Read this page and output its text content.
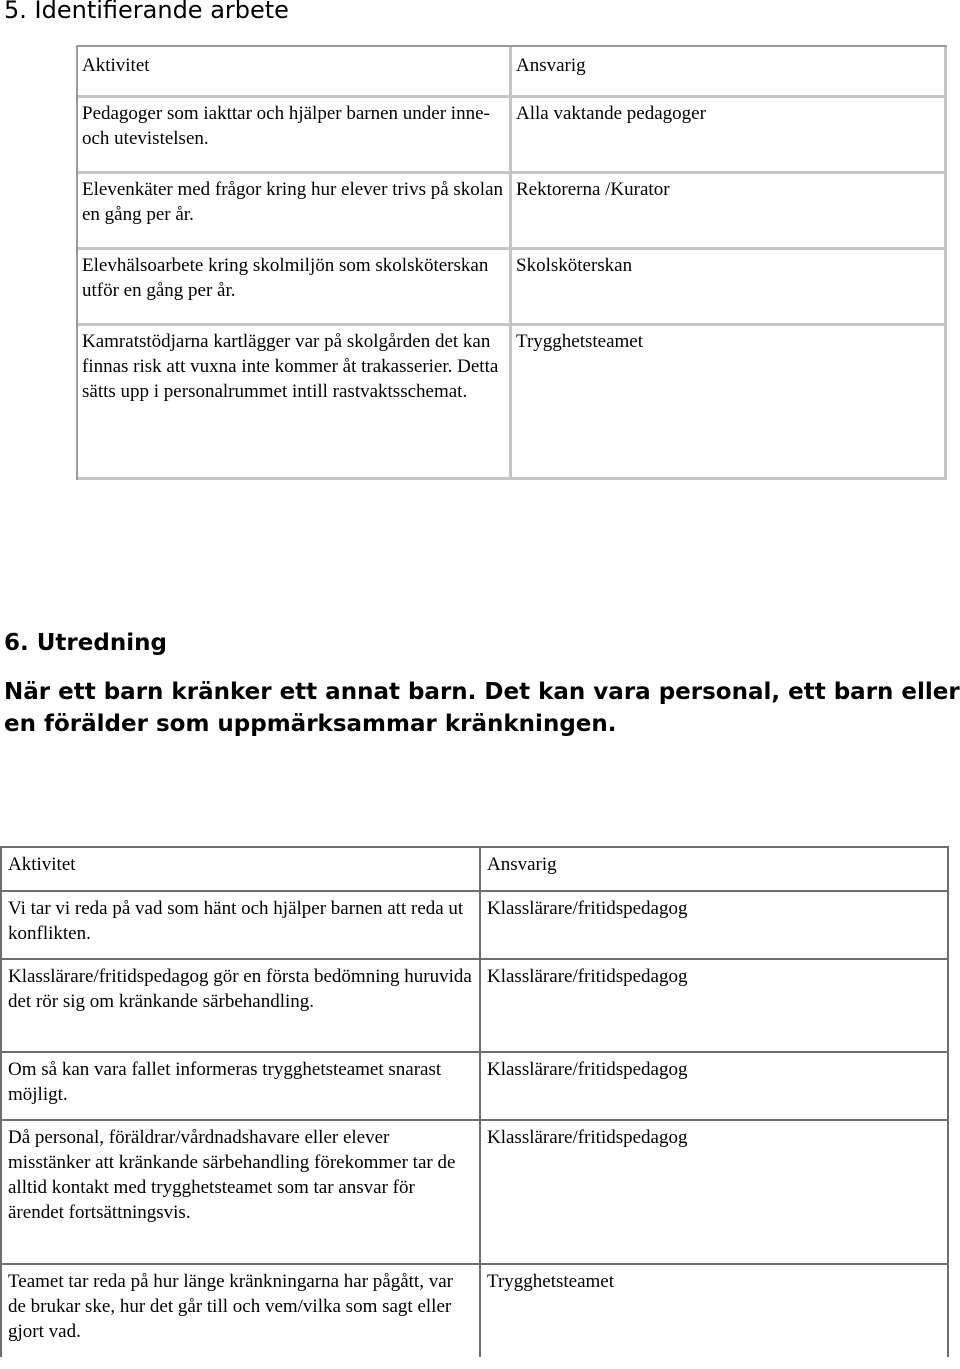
5. Identifierande arbete
Aktivitet	Ansvarig
Pedagoger som iakttar och hjälper barnen under inne- och utevistelsen.	Alla vaktande pedagoger
Elevenkäter med frågor kring hur elever trivs på skolan en gång per år.	Rektorerna /Kurator
Elevhälsoarbete kring skolmiljön som skolsköterskan utför en gång per år.	Skolsköterskan
Kamratstödjarna kartlägger var på skolgården det kan finnas risk att vuxna inte kommer åt trakasserier. Detta sätts upp i personalrummet intill rastvaktsschemat.	Trygghetsteamet
6. Utredning

När ett barn kränker ett annat barn. Det kan vara personal, ett barn eller en förälder som uppmärksammar kränkningen.

Aktivitet	Ansvarig
Vi tar vi reda på vad som hänt och hjälper barnen att reda ut konflikten.	Klasslärare/fritidspedagog
Klasslärare/fritidspedagog gör en första bedömning huruvida det rör sig om kränkande särbehandling.	Klasslärare/fritidspedagog
Om så kan vara fallet informeras trygghetsteamet snarast möjligt.	Klasslärare/fritidspedagog
Då personal, föräldrar/vårdnadshavare eller elever misstänker att kränkande särbehandling förekommer tar de alltid kontakt med trygghetsteamet som tar ansvar för ärendet fortsättningsvis.	Klasslärare/fritidspedagog
Teamet tar reda på hur länge kränkningarna har pågått, var de brukar ske, hur det går till och vem/vilka som sagt eller gjort vad.	Trygghetsteamet
